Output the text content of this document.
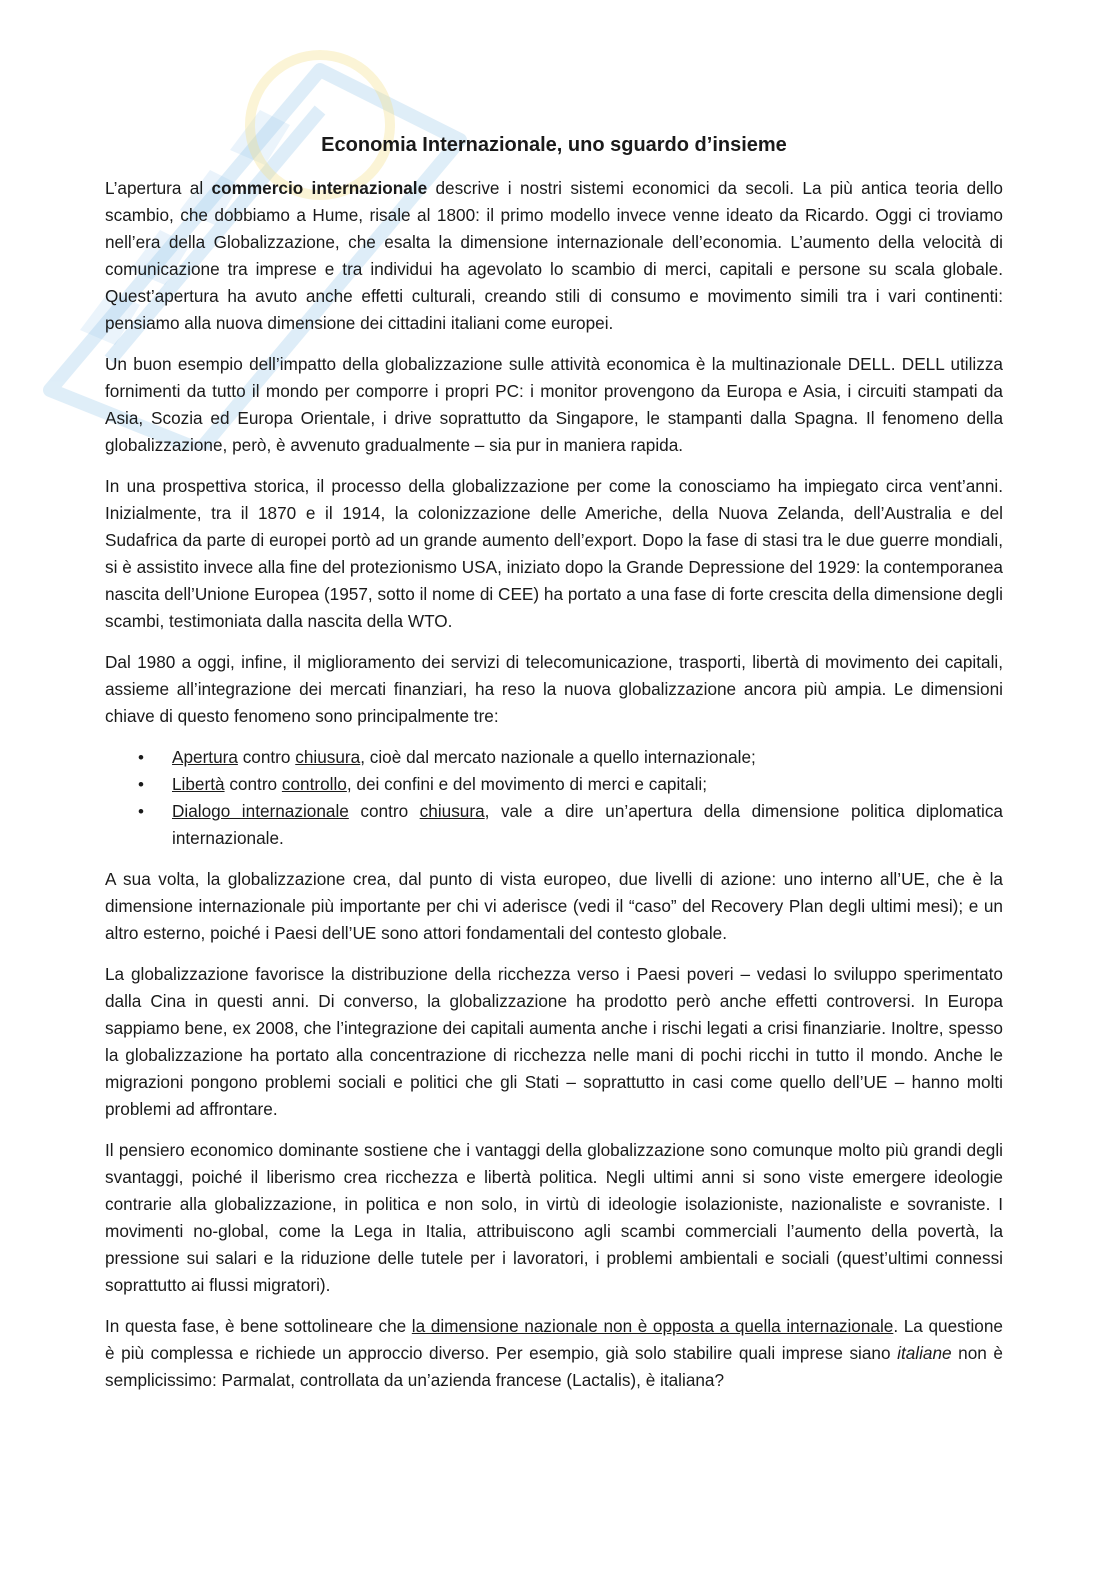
Economia Internazionale, uno sguardo d’insieme

L’apertura al commercio internazionale descrive i nostri sistemi economici da secoli. La più antica teoria dello scambio, che dobbiamo a Hume, risale al 1800: il primo modello invece venne ideato da Ricardo. Oggi ci troviamo nell’era della Globalizzazione, che esalta la dimensione internazionale dell’economia. L’aumento della velocità di comunicazione tra imprese e tra individui ha agevolato lo scambio di merci, capitali e persone su scala globale. Quest’apertura ha avuto anche effetti culturali, creando stili di consumo e movimento simili tra i vari continenti: pensiamo alla nuova dimensione dei cittadini italiani come europei.

Un buon esempio dell’impatto della globalizzazione sulle attività economica è la multinazionale DELL. DELL utilizza fornimenti da tutto il mondo per comporre i propri PC: i monitor provengono da Europa e Asia, i circuiti stampati da Asia, Scozia ed Europa Orientale, i drive soprattutto da Singapore, le stampanti dalla Spagna. Il fenomeno della globalizzazione, però, è avvenuto gradualmente – sia pur in maniera rapida.

In una prospettiva storica, il processo della globalizzazione per come la conosciamo ha impiegato circa vent’anni. Inizialmente, tra il 1870 e il 1914, la colonizzazione delle Americhe, della Nuova Zelanda, dell’Australia e del Sudafrica da parte di europei portò ad un grande aumento dell’export. Dopo la fase di stasi tra le due guerre mondiali, si è assistito invece alla fine del protezionismo USA, iniziato dopo la Grande Depressione del 1929: la contemporanea nascita dell’Unione Europea (1957, sotto il nome di CEE) ha portato a una fase di forte crescita della dimensione degli scambi, testimoniata dalla nascita della WTO.

Dal 1980 a oggi, infine, il miglioramento dei servizi di telecomunicazione, trasporti, libertà di movimento dei capitali, assieme all’integrazione dei mercati finanziari, ha reso la nuova globalizzazione ancora più ampia. Le dimensioni chiave di questo fenomeno sono principalmente tre:

• Apertura contro chiusura, cioè dal mercato nazionale a quello internazionale;
• Libertà contro controllo, dei confini e del movimento di merci e capitali;
• Dialogo internazionale contro chiusura, vale a dire un’apertura della dimensione politica diplomatica internazionale.

A sua volta, la globalizzazione crea, dal punto di vista europeo, due livelli di azione: uno interno all’UE, che è la dimensione internazionale più importante per chi vi aderisce (vedi il “caso” del Recovery Plan degli ultimi mesi); e un altro esterno, poiché i Paesi dell’UE sono attori fondamentali del contesto globale.

La globalizzazione favorisce la distribuzione della ricchezza verso i Paesi poveri – vedasi lo sviluppo sperimentato dalla Cina in questi anni. Di converso, la globalizzazione ha prodotto però anche effetti controversi. In Europa sappiamo bene, ex 2008, che l’integrazione dei capitali aumenta anche i rischi legati a crisi finanziarie. Inoltre, spesso la globalizzazione ha portato alla concentrazione di ricchezza nelle mani di pochi ricchi in tutto il mondo. Anche le migrazioni pongono problemi sociali e politici che gli Stati – soprattutto in casi come quello dell’UE – hanno molti problemi ad affrontare.

Il pensiero economico dominante sostiene che i vantaggi della globalizzazione sono comunque molto più grandi degli svantaggi, poiché il liberismo crea ricchezza e libertà politica. Negli ultimi anni si sono viste emergere ideologie contrarie alla globalizzazione, in politica e non solo, in virtù di ideologie isolazioniste, nazionaliste e sovraniste. I movimenti no-global, come la Lega in Italia, attribuiscono agli scambi commerciali l’aumento della povertà, la pressione sui salari e la riduzione delle tutele per i lavoratori, i problemi ambientali e sociali (quest’ultimi connessi soprattutto ai flussi migratori).

In questa fase, è bene sottolineare che la dimensione nazionale non è opposta a quella internazionale. La questione è più complessa e richiede un approccio diverso. Per esempio, già solo stabilire quali imprese siano italiane non è semplicissimo: Parmalat, controllata da un’azienda francese (Lactalis), è italiana?
